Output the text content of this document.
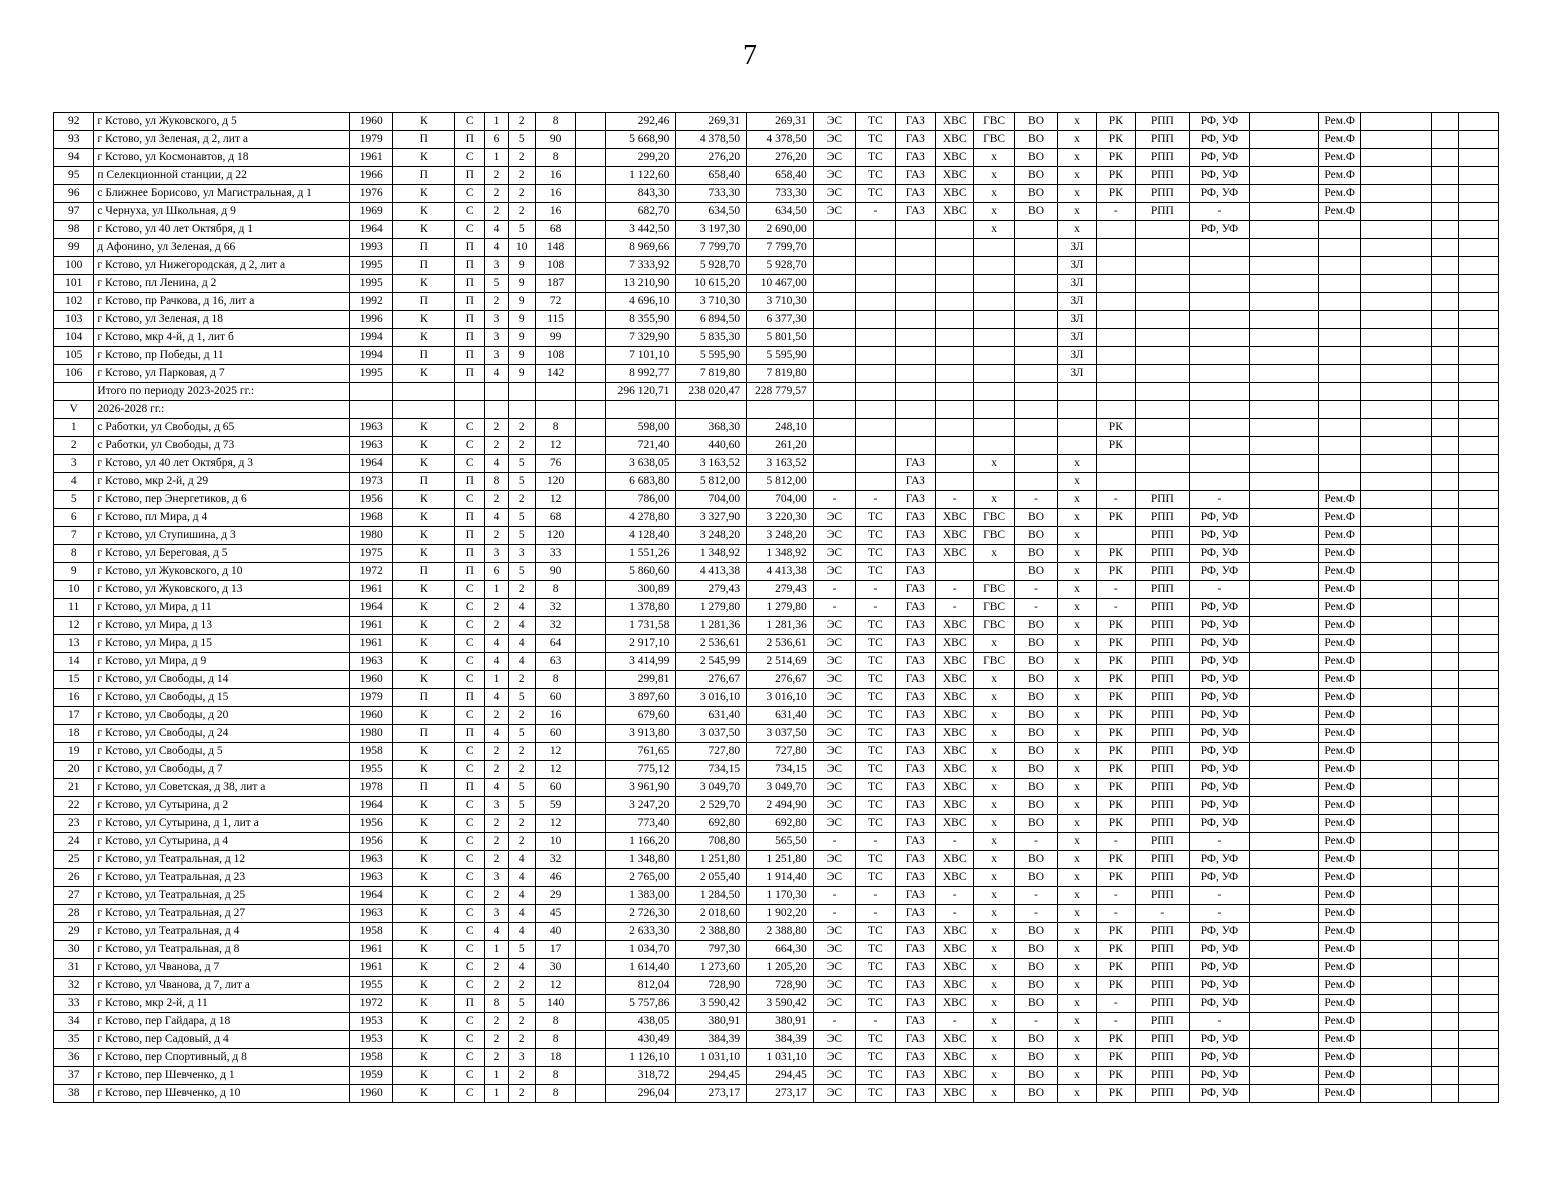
7
92	г Кстово, ул Жуковского, д 5	1960	К	С	1	2	8		292,46	269,31	269,31	ЭС	ТС	ГАЗ	ХВС	ГВС	ВО	х	РК	РПП	РФ, УФ		Рем.Ф			
93	г Кстово, ул Зеленая, д 2, лит а	1979	П	П	6	5	90		5 668,90	4 378,50	4 378,50	ЭС	ТС	ГАЗ	ХВС	ГВС	ВО	х	РК	РПП	РФ, УФ		Рем.Ф			
94	г Кстово, ул Космонавтов, д 18	1961	К	С	1	2	8		299,20	276,20	276,20	ЭС	ТС	ГАЗ	ХВС	х	ВО	х	РК	РПП	РФ, УФ		Рем.Ф			
95	п Селекционной станции, д 22	1966	П	П	2	2	16		1 122,60	658,40	658,40	ЭС	ТС	ГАЗ	ХВС	х	ВО	х	РК	РПП	РФ, УФ		Рем.Ф			
96	с Ближнее Борисово, ул Магистральная, д 1	1976	К	С	2	2	16		843,30	733,30	733,30	ЭС	ТС	ГАЗ	ХВС	х	ВО	х	РК	РПП	РФ, УФ		Рем.Ф			
97	с Чернуха, ул Школьная, д 9	1969	К	С	2	2	16		682,70	634,50	634,50	ЭС	-	ГАЗ	ХВС	х	ВО	х	-	РПП	-		Рем.Ф			
98	г Кстово, ул 40 лет Октября, д 1	1964	К	С	4	5	68		3 442,50	3 197,30	2 690,00					х		х			РФ, УФ					
99	д Афонино, ул Зеленая, д 66	1993	П	П	4	10	148		8 969,66	7 799,70	7 799,70							ЗЛ								
100	г Кстово, ул Нижегородская, д 2, лит а	1995	П	П	3	9	108		7 333,92	5 928,70	5 928,70							ЗЛ								
101	г Кстово, пл Ленина, д 2	1995	К	П	5	9	187		13 210,90	10 615,20	10 467,00							ЗЛ								
102	г Кстово, пр Рачкова, д 16, лит а	1992	П	П	2	9	72		4 696,10	3 710,30	3 710,30							ЗЛ								
103	г Кстово, ул Зеленая, д 18	1996	К	П	3	9	115		8 355,90	6 894,50	6 377,30							ЗЛ								
104	г Кстово, мкр 4-й, д 1, лит б	1994	К	П	3	9	99		7 329,90	5 835,30	5 801,50							ЗЛ								
105	г Кстово, пр Победы, д 11	1994	П	П	3	9	108		7 101,10	5 595,90	5 595,90							ЗЛ								
106	г Кстово, ул Парковая, д 7	1995	К	П	4	9	142		8 992,77	7 819,80	7 819,80							ЗЛ								
	Итого по периоду 2023-2025 гг.:								296 120,71	238 020,47	228 779,57															
V	2026-2028 гг.:																									
1	с Работки, ул Свободы, д 65	1963	К	С	2	2	8		598,00	368,30	248,10								РК							
2	с Работки, ул Свободы, д 73	1963	К	С	2	2	12		721,40	440,60	261,20								РК							
3	г Кстово, ул 40 лет Октября, д 3	1964	К	С	4	5	76		3 638,05	3 163,52	3 163,52			ГАЗ		х		х								
4	г Кстово, мкр 2-й, д 29	1973	П	П	8	5	120		6 683,80	5 812,00	5 812,00			ГАЗ				х								
5	г Кстово, пер Энергетиков, д 6	1956	К	С	2	2	12		786,00	704,00	704,00	-	-	ГАЗ	-	х	-	х	-	РПП	-		Рем.Ф			
6	г Кстово, пл Мира, д 4	1968	К	П	4	5	68		4 278,80	3 327,90	3 220,30	ЭС	ТС	ГАЗ	ХВС	ГВС	ВО	х	РК	РПП	РФ, УФ		Рем.Ф			
7	г Кстово, ул Ступишина, д 3	1980	К	П	2	5	120		4 128,40	3 248,20	3 248,20	ЭС	ТС	ГАЗ	ХВС	ГВС	ВО	х		РПП	РФ, УФ		Рем.Ф			
8	г Кстово, ул Береговая, д 5	1975	К	П	3	3	33		1 551,26	1 348,92	1 348,92	ЭС	ТС	ГАЗ	ХВС	х	ВО	х	РК	РПП	РФ, УФ		Рем.Ф			
9	г Кстово, ул Жуковского, д 10	1972	П	П	6	5	90		5 860,60	4 413,38	4 413,38	ЭС	ТС	ГАЗ			ВО	х	РК	РПП	РФ, УФ		Рем.Ф			
10	г Кстово, ул Жуковского, д 13	1961	К	С	1	2	8		300,89	279,43	279,43	-	-	ГАЗ	-	ГВС	-	х	-	РПП	-		Рем.Ф			
11	г Кстово, ул Мира, д 11	1964	К	С	2	4	32		1 378,80	1 279,80	1 279,80	-	-	ГАЗ	-	ГВС	-	х	-	РПП	РФ, УФ		Рем.Ф			
12	г Кстово, ул Мира, д 13	1961	К	С	2	4	32		1 731,58	1 281,36	1 281,36	ЭС	ТС	ГАЗ	ХВС	ГВС	ВО	х	РК	РПП	РФ, УФ		Рем.Ф			
13	г Кстово, ул Мира, д 15	1961	К	С	4	4	64		2 917,10	2 536,61	2 536,61	ЭС	ТС	ГАЗ	ХВС	х	ВО	х	РК	РПП	РФ, УФ		Рем.Ф			
14	г Кстово, ул Мира, д 9	1963	К	С	4	4	63		3 414,99	2 545,99	2 514,69	ЭС	ТС	ГАЗ	ХВС	ГВС	ВО	х	РК	РПП	РФ, УФ		Рем.Ф			
15	г Кстово, ул Свободы, д 14	1960	К	С	1	2	8		299,81	276,67	276,67	ЭС	ТС	ГАЗ	ХВС	х	ВО	х	РК	РПП	РФ, УФ		Рем.Ф			
16	г Кстово, ул Свободы, д 15	1979	П	П	4	5	60		3 897,60	3 016,10	3 016,10	ЭС	ТС	ГАЗ	ХВС	х	ВО	х	РК	РПП	РФ, УФ		Рем.Ф			
17	г Кстово, ул Свободы, д 20	1960	К	С	2	2	16		679,60	631,40	631,40	ЭС	ТС	ГАЗ	ХВС	х	ВО	х	РК	РПП	РФ, УФ		Рем.Ф			
18	г Кстово, ул Свободы, д 24	1980	П	П	4	5	60		3 913,80	3 037,50	3 037,50	ЭС	ТС	ГАЗ	ХВС	х	ВО	х	РК	РПП	РФ, УФ		Рем.Ф			
19	г Кстово, ул Свободы, д 5	1958	К	С	2	2	12		761,65	727,80	727,80	ЭС	ТС	ГАЗ	ХВС	х	ВО	х	РК	РПП	РФ, УФ		Рем.Ф			
20	г Кстово, ул Свободы, д 7	1955	К	С	2	2	12		775,12	734,15	734,15	ЭС	ТС	ГАЗ	ХВС	х	ВО	х	РК	РПП	РФ, УФ		Рем.Ф			
21	г Кстово, ул Советская, д 38, лит а	1978	П	П	4	5	60		3 961,90	3 049,70	3 049,70	ЭС	ТС	ГАЗ	ХВС	х	ВО	х	РК	РПП	РФ, УФ		Рем.Ф			
22	г Кстово, ул Сутырина, д 2	1964	К	С	3	5	59		3 247,20	2 529,70	2 494,90	ЭС	ТС	ГАЗ	ХВС	х	ВО	х	РК	РПП	РФ, УФ		Рем.Ф			
23	г Кстово, ул Сутырина, д 1, лит а	1956	К	С	2	2	12		773,40	692,80	692,80	ЭС	ТС	ГАЗ	ХВС	х	ВО	х	РК	РПП	РФ, УФ		Рем.Ф			
24	г Кстово, ул Сутырина, д 4	1956	К	С	2	2	10		1 166,20	708,80	565,50	-	-	ГАЗ	-	х	-	х	-	РПП	-		Рем.Ф			
25	г Кстово, ул Театральная, д 12	1963	К	С	2	4	32		1 348,80	1 251,80	1 251,80	ЭС	ТС	ГАЗ	ХВС	х	ВО	х	РК	РПП	РФ, УФ		Рем.Ф			
26	г Кстово, ул Театральная, д 23	1963	К	С	3	4	46		2 765,00	2 055,40	1 914,40	ЭС	ТС	ГАЗ	ХВС	х	ВО	х	РК	РПП	РФ, УФ		Рем.Ф			
27	г Кстово, ул Театральная, д 25	1964	К	С	2	4	29		1 383,00	1 284,50	1 170,30	-	-	ГАЗ	-	х	-	х	-	РПП	-		Рем.Ф			
28	г Кстово, ул Театральная, д 27	1963	К	С	3	4	45		2 726,30	2 018,60	1 902,20	-	-	ГАЗ	-	х	-	х	-	-	-		Рем.Ф			
29	г Кстово, ул Театральная, д 4	1958	К	С	4	4	40		2 633,30	2 388,80	2 388,80	ЭС	ТС	ГАЗ	ХВС	х	ВО	х	РК	РПП	РФ, УФ		Рем.Ф			
30	г Кстово, ул Театральная, д 8	1961	К	С	1	5	17		1 034,70	797,30	664,30	ЭС	ТС	ГАЗ	ХВС	х	ВО	х	РК	РПП	РФ, УФ		Рем.Ф			
31	г Кстово, ул Чванова, д 7	1961	К	С	2	4	30		1 614,40	1 273,60	1 205,20	ЭС	ТС	ГАЗ	ХВС	х	ВО	х	РК	РПП	РФ, УФ		Рем.Ф			
32	г Кстово, ул Чванова, д 7, лит а	1955	К	С	2	2	12		812,04	728,90	728,90	ЭС	ТС	ГАЗ	ХВС	х	ВО	х	РК	РПП	РФ, УФ		Рем.Ф			
33	г Кстово, мкр 2-й, д 11	1972	К	П	8	5	140		5 757,86	3 590,42	3 590,42	ЭС	ТС	ГАЗ	ХВС	х	ВО	х	-	РПП	РФ, УФ		Рем.Ф			
34	г Кстово, пер Гайдара, д 18	1953	К	С	2	2	8		438,05	380,91	380,91	-	-	ГАЗ	-	х	-	х	-	РПП	-		Рем.Ф			
35	г Кстово, пер Садовый, д 4	1953	К	С	2	2	8		430,49	384,39	384,39	ЭС	ТС	ГАЗ	ХВС	х	ВО	х	РК	РПП	РФ, УФ		Рем.Ф			
36	г Кстово, пер Спортивный, д 8	1958	К	С	2	3	18		1 126,10	1 031,10	1 031,10	ЭС	ТС	ГАЗ	ХВС	х	ВО	х	РК	РПП	РФ, УФ		Рем.Ф			
37	г Кстово, пер Шевченко, д 1	1959	К	С	1	2	8		318,72	294,45	294,45	ЭС	ТС	ГАЗ	ХВС	х	ВО	х	РК	РПП	РФ, УФ		Рем.Ф			
38	г Кстово, пер Шевченко, д 10	1960	К	С	1	2	8		296,04	273,17	273,17	ЭС	ТС	ГАЗ	ХВС	х	ВО	х	РК	РПП	РФ, УФ		Рем.Ф			
